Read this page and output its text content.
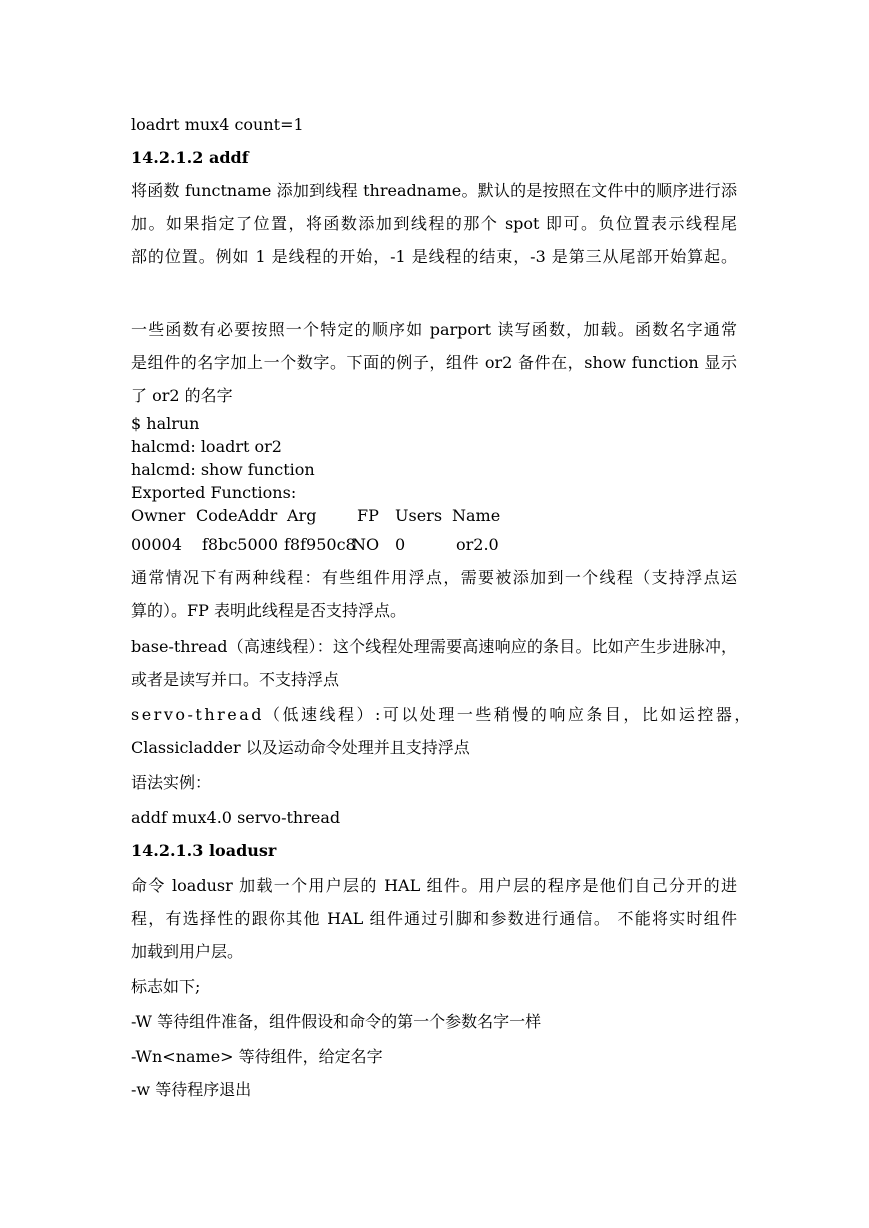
loadrt mux4 count=1
14.2.1.2 addf
将函数 functname 添加到线程 threadname。默认的是按照在文件中的顺序进行添
加。如果指定了位置，将函数添加到线程的那个 spot 即可。负位置表示线程尾
部的位置。例如 1 是线程的开始，-1 是线程的结束，-3 是第三从尾部开始算起。
一些函数有必要按照一个特定的顺序如 parport 读写函数，加载。函数名字通常
是组件的名字加上一个数字。下面的例子，组件 or2 备件在，show function 显示
了 or2 的名字
$ halrun
halcmd: loadrt or2
halcmd: show function
Exported Functions:
Owner CodeAddr Arg	FP Users Name
00004 f8bc5000 f8f950c8
NO 0	or2.0
通常情况下有两种线程：有些组件用浮点，需要被添加到一个线程（支持浮点运
算的）。FP 表明此线程是否支持浮点。
base-thread（高速线程）：这个线程处理需要高速响应的条目。比如产生步进脉冲，
或者是读写并口。不支持浮点
servo-thread（低速线程）:可以处理一些稍慢的响应条目，比如运控器，
Classicladder 以及运动命令处理并且支持浮点
语法实例：
addf mux4.0 servo-thread
14.2.1.3 loadusr
命令 loadusr 加载一个用户层的 HAL 组件。用户层的程序是他们自己分开的进
程，有选择性的跟你其他 HAL 组件通过引脚和参数进行通信。 不能将实时组件
加载到用户层。
标志如下;
-W 等待组件准备，组件假设和命令的第一个参数名字一样
-Wn<name> 等待组件，给定名字
-w 等待程序退出
